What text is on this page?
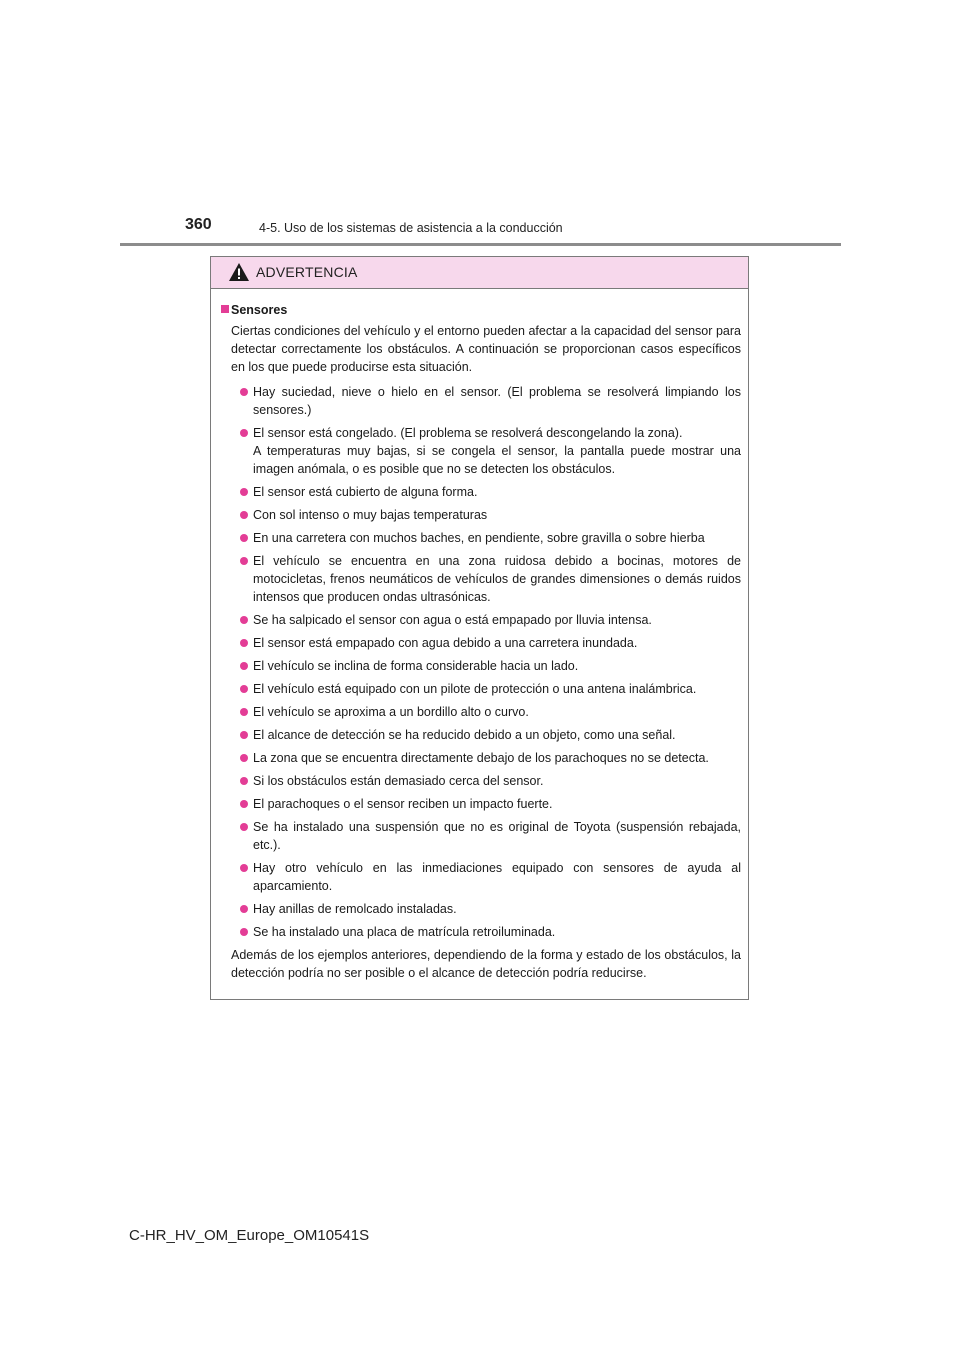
360	4-5. Uso de los sistemas de asistencia a la conducción
ADVERTENCIA
Sensores

Ciertas condiciones del vehículo y el entorno pueden afectar a la capacidad del sensor para detectar correctamente los obstáculos. A continuación se proporcionan casos específicos en los que puede producirse esta situación.

Hay suciedad, nieve o hielo en el sensor. (El problema se resolverá limpiando los sensores.)
El sensor está congelado. (El problema se resolverá descongelando la zona).
A temperaturas muy bajas, si se congela el sensor, la pantalla puede mostrar una imagen anómala, o es posible que no se detecten los obstáculos.
El sensor está cubierto de alguna forma.
Con sol intenso o muy bajas temperaturas
En una carretera con muchos baches, en pendiente, sobre gravilla o sobre hierba
El vehículo se encuentra en una zona ruidosa debido a bocinas, motores de motocicletas, frenos neumáticos de vehículos de grandes dimensiones o demás ruidos intensos que producen ondas ultrasónicas.
Se ha salpicado el sensor con agua o está empapado por lluvia intensa.
El sensor está empapado con agua debido a una carretera inundada.
El vehículo se inclina de forma considerable hacia un lado.
El vehículo está equipado con un pilote de protección o una antena inalámbrica.
El vehículo se aproxima a un bordillo alto o curvo.
El alcance de detección se ha reducido debido a un objeto, como una señal.
La zona que se encuentra directamente debajo de los parachoques no se detecta.
Si los obstáculos están demasiado cerca del sensor.
El parachoques o el sensor reciben un impacto fuerte.
Se ha instalado una suspensión que no es original de Toyota (suspensión rebajada, etc.).
Hay otro vehículo en las inmediaciones equipado con sensores de ayuda al aparcamiento.
Hay anillas de remolcado instaladas.
Se ha instalado una placa de matrícula retroiluminada.

Además de los ejemplos anteriores, dependiendo de la forma y estado de los obstáculos, la detección podría no ser posible o el alcance de detección podría reducirse.

C-HR_HV_OM_Europe_OM10541S
